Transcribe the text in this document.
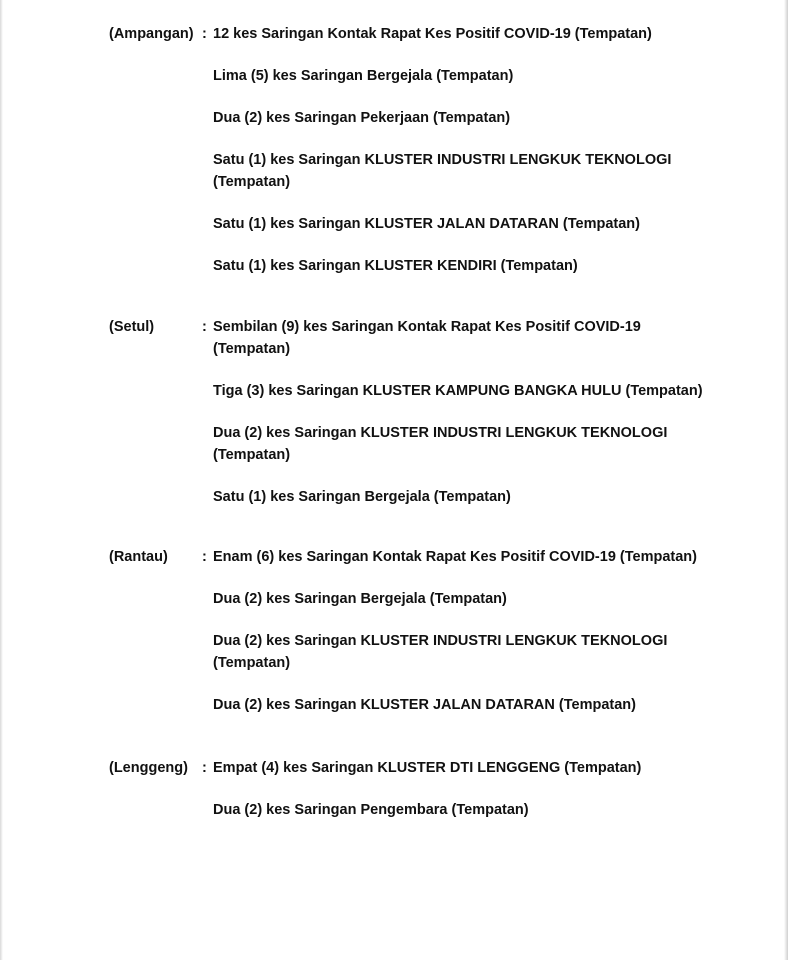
(Ampangan) : 12 kes Saringan Kontak Rapat Kes Positif COVID-19 (Tempatan)
Lima (5) kes Saringan Bergejala (Tempatan)
Dua (2) kes Saringan Pekerjaan (Tempatan)
Satu (1) kes Saringan KLUSTER INDUSTRI LENGKUK TEKNOLOGI (Tempatan)
Satu (1) kes Saringan KLUSTER JALAN DATARAN (Tempatan)
Satu (1) kes Saringan KLUSTER KENDIRI (Tempatan)
(Setul)	: Sembilan (9) kes Saringan Kontak Rapat Kes Positif COVID-19 (Tempatan)
Tiga (3) kes Saringan KLUSTER KAMPUNG BANGKA HULU (Tempatan)
Dua (2) kes Saringan KLUSTER INDUSTRI LENGKUK TEKNOLOGI (Tempatan)
Satu (1) kes Saringan Bergejala (Tempatan)
(Rantau) : Enam (6) kes Saringan Kontak Rapat Kes Positif COVID-19 (Tempatan)
Dua (2) kes Saringan Bergejala (Tempatan)
Dua (2) kes Saringan KLUSTER INDUSTRI LENGKUK TEKNOLOGI (Tempatan)
Dua (2) kes Saringan KLUSTER JALAN DATARAN (Tempatan)
(Lenggeng) : Empat (4) kes Saringan KLUSTER DTI LENGGENG (Tempatan)
Dua (2) kes Saringan Pengembara (Tempatan)
